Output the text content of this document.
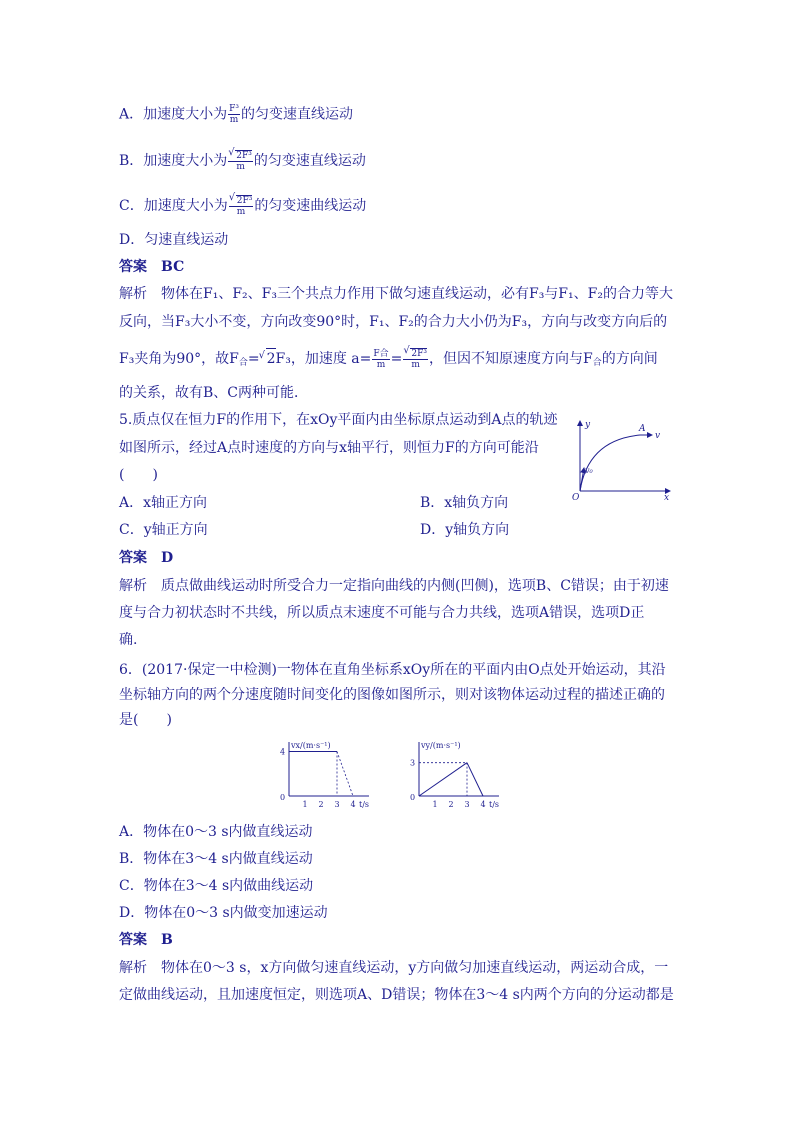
A．加速度大小为 $\frac{\text{F³}}{m}$ 的匀变速直线运动
B．加速度大小为
√ $\frac{\text{2F³}}{m}$ 的匀变速直线运动
C．加速度大小为
√ $\frac{\text{2F³}}{m}$ 的匀变速曲线运动
D．匀速直线运动
答案　BC
解析　物体在F₁、F₂、F₃三个共点力作用下做匀速直线运动，必有F₃与F₁、F₂的合力等大
反向，当F₃大小不变，方向改变90°时，F₁、F₂的合力大小仍为F₃，方向与改变方向后的
F₃夹角为90°，故$F_合=√$ 2F₃，加速度 $a= \frac{\text{F合}}{m}$ =
√ $\frac{\text{2F³}}{m}$ ，但因不知原速度方向与$F_合$的方向间
的关系，故有B、C两种可能．
5.质点仅在恒力F的作用下，在xOy平面内由坐标原点运动到A点的轨迹
如图所示，经过A点时速度的方向与x轴平行，则恒力F的方向可能沿
(　　)
A．x轴正方向	B．x轴负方向
C．y轴正方向	D．y轴负方向
答案　D
解析　质点做曲线运动时所受合力一定指向曲线的内侧(凹侧)，选项B、C错误；由于初速
度与合力初状态时不共线，所以质点末速度不可能与合力共线，选项A错误，选项D正
确.
y
x
O
A
v
v₀
6．(2017·保定一中检测)一物体在直角坐标系xOy所在的平面内由O点处开始运动，其沿
坐标轴方向的两个分速度随时间变化的图像如图所示，则对该物体运动过程的描述正确的
是(　　)
vx/(m·s⁻¹)
t/s
0
1 2 3 4
4
vy/(m·s⁻¹)
t/s
0
1 2 3 4
3
A．物体在0～3 s内做直线运动
B．物体在3～4 s内做直线运动
C．物体在3～4 s内做曲线运动
D．物体在0～3 s内做变加速运动
答案　B
解析　物体在0～3 s，x方向做匀速直线运动，y方向做匀加速直线运动，两运动合成，一
定做曲线运动，且加速度恒定，则选项A、D错误；物体在3～4 s内两个方向的分运动都是
